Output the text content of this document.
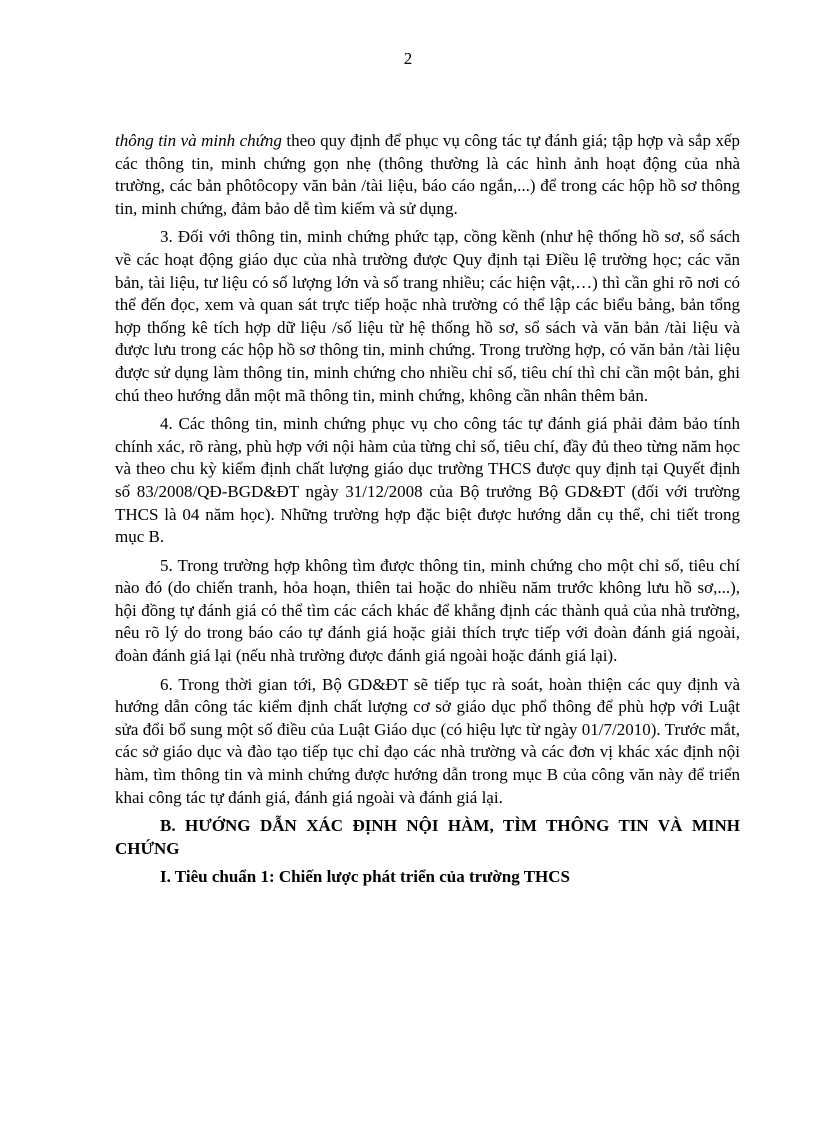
2

thông tin và minh chứng theo quy định để phục vụ công tác tự đánh giá; tập hợp và sắp xếp các thông tin, minh chứng gọn nhẹ (thông thường là các hình ảnh hoạt động của nhà trường, các bản phôtôcopy văn bản /tài liệu, báo cáo ngắn,...) để trong các hộp hồ sơ thông tin, minh chứng, đảm bảo dễ tìm kiếm và sử dụng.

3. Đối với thông tin, minh chứng phức tạp, cồng kềnh (như hệ thống hồ sơ, sổ sách về các hoạt động giáo dục của nhà trường được Quy định tại Điều lệ trường học; các văn bản, tài liệu, tư liệu có số lượng lớn và số trang nhiều; các hiện vật,…) thì cần ghi rõ nơi có thể đến đọc, xem và quan sát trực tiếp hoặc nhà trường có thể lập các biểu bảng, bản tổng hợp thống kê tích hợp dữ liệu /số liệu từ hệ thống hồ sơ, sổ sách và văn bản /tài liệu và được lưu trong các hộp hồ sơ thông tin, minh chứng. Trong trường hợp, có văn bản /tài liệu được sử dụng làm thông tin, minh chứng cho nhiều chỉ số, tiêu chí thì chỉ cần một bản, ghi chú theo hướng dẫn một mã thông tin, minh chứng, không cần nhân thêm bản.

4. Các thông tin, minh chứng phục vụ cho công tác tự đánh giá phải đảm bảo tính chính xác, rõ ràng, phù hợp với nội hàm của từng chỉ số, tiêu chí, đầy đủ theo từng năm học và theo chu kỳ kiểm định chất lượng giáo dục trường THCS được quy định tại Quyết định số 83/2008/QĐ-BGD&ĐT ngày 31/12/2008 của Bộ trưởng Bộ GD&ĐT (đối với trường THCS là 04 năm học). Những trường hợp đặc biệt được hướng dẫn cụ thể, chi tiết trong mục B.

5. Trong trường hợp không tìm được thông tin, minh chứng cho một chỉ số, tiêu chí nào đó (do chiến tranh, hỏa hoạn, thiên tai hoặc do nhiều năm trước không lưu hồ sơ,...), hội đồng tự đánh giá có thể tìm các cách khác để khẳng định các thành quả của nhà trường, nêu rõ lý do trong báo cáo tự đánh giá hoặc giải thích trực tiếp với đoàn đánh giá ngoài, đoàn đánh giá lại (nếu nhà trường được đánh giá ngoài hoặc đánh giá lại).

6. Trong thời gian tới, Bộ GD&ĐT sẽ tiếp tục rà soát, hoàn thiện các quy định và hướng dẫn công tác kiểm định chất lượng cơ sở giáo dục phổ thông để phù hợp với Luật sửa đổi bổ sung một số điều của Luật Giáo dục (có hiệu lực từ ngày 01/7/2010). Trước mắt, các sở giáo dục và đào tạo tiếp tục chỉ đạo các nhà trường và các đơn vị khác xác định nội hàm, tìm thông tin và minh chứng được hướng dẫn trong mục B của công văn này để triển khai công tác tự đánh giá, đánh giá ngoài và đánh giá lại.

B. HƯỚNG DẪN XÁC ĐỊNH NỘI HÀM, TÌM THÔNG TIN VÀ MINH CHỨNG

I. Tiêu chuẩn 1: Chiến lược phát triển của trường THCS
